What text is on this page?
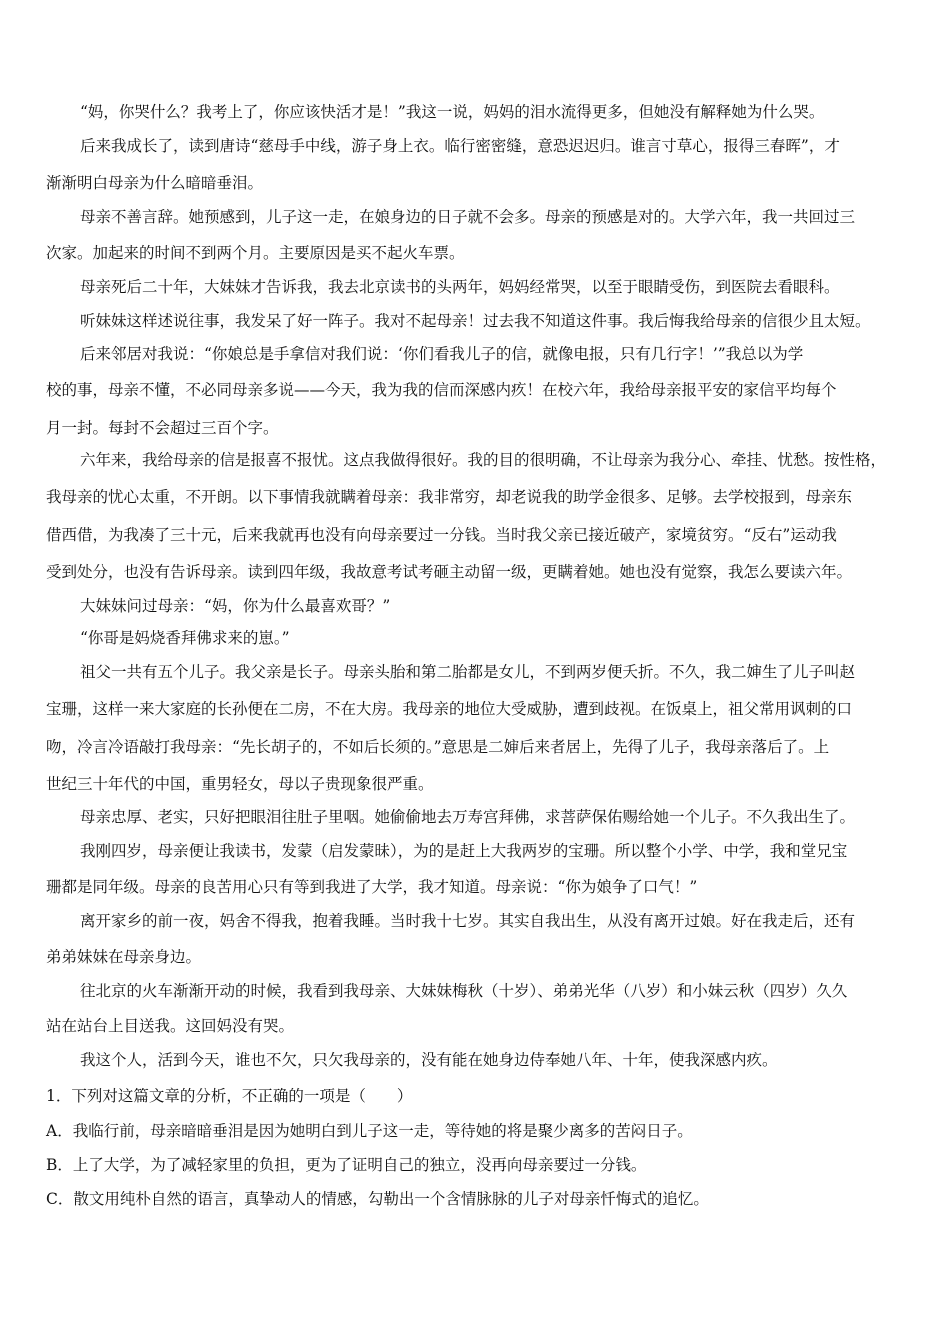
“妈，你哭什么？我考上了，你应该快活才是！”我这一说，妈妈的泪水流得更多，但她没有解释她为什么哭。
后来我成长了，读到唐诗“慈母手中线，游子身上衣。临行密密缝，意恐迟迟归。谁言寸草心，报得三春晖”，才
渐渐明白母亲为什么暗暗垂泪。
母亲不善言辞。她预感到，儿子这一走，在娘身边的日子就不会多。母亲的预感是对的。大学六年，我一共回过三
次家。加起来的时间不到两个月。主要原因是买不起火车票。
母亲死后二十年，大妹妹才告诉我，我去北京读书的头两年，妈妈经常哭，以至于眼睛受伤，到医院去看眼科。
听妹妹这样述说往事，我发呆了好一阵子。我对不起母亲！过去我不知道这件事。我后悔我给母亲的信很少且太短。
后来邻居对我说：“你娘总是手拿信对我们说：‘你们看我儿子的信，就像电报，只有几行字！’”我总以为学
校的事，母亲不懂，不必同母亲多说——今天，我为我的信而深感内疚！在校六年，我给母亲报平安的家信平均每个
月一封。每封不会超过三百个字。
六年来，我给母亲的信是报喜不报忧。这点我做得很好。我的目的很明确，不让母亲为我分心、牵挂、忧愁。按性格，
我母亲的忧心太重，不开朗。以下事情我就瞒着母亲：我非常穷，却老说我的助学金很多、足够。去学校报到，母亲东
借西借，为我凑了三十元，后来我就再也没有向母亲要过一分钱。当时我父亲已接近破产，家境贫穷。“反右”运动我
受到处分，也没有告诉母亲。读到四年级，我故意考试考砸主动留一级，更瞒着她。她也没有觉察，我怎么要读六年。
大妹妹问过母亲：“妈，你为什么最喜欢哥？”
“你哥是妈烧香拜佛求来的崽。”
祖父一共有五个儿子。我父亲是长子。母亲头胎和第二胎都是女儿，不到两岁便夭折。不久，我二婶生了儿子叫赵
宝珊，这样一来大家庭的长孙便在二房，不在大房。我母亲的地位大受威胁，遭到歧视。在饭桌上，祖父常用讽刺的口
吻，冷言冷语敲打我母亲：“先长胡子的，不如后长须的。”意思是二婶后来者居上，先得了儿子，我母亲落后了。上
世纪三十年代的中国，重男轻女，母以子贵现象很严重。
母亲忠厚、老实，只好把眼泪往肚子里咽。她偷偷地去万寿宫拜佛，求菩萨保佑赐给她一个儿子。不久我出生了。
我刚四岁，母亲便让我读书，发蒙（启发蒙昧），为的是赶上大我两岁的宝珊。所以整个小学、中学，我和堂兄宝
珊都是同年级。母亲的良苦用心只有等到我进了大学，我才知道。母亲说：“你为娘争了口气！”
离开家乡的前一夜，妈舍不得我，抱着我睡。当时我十七岁。其实自我出生，从没有离开过娘。好在我走后，还有
弟弟妹妹在母亲身边。
往北京的火车渐渐开动的时候，我看到我母亲、大妹妹梅秋（十岁）、弟弟光华（八岁）和小妹云秋（四岁）久久
站在站台上目送我。这回妈没有哭。
我这个人，活到今天，谁也不欠，只欠我母亲的，没有能在她身边侍奉她八年、十年，使我深感内疚。
1．下列对这篇文章的分析，不正确的一项是（　　）
A．我临行前，母亲暗暗垂泪是因为她明白到儿子这一走，等待她的将是聚少离多的苦闷日子。
B．上了大学，为了减轻家里的负担，更为了证明自己的独立，没再向母亲要过一分钱。
C．散文用纯朴自然的语言，真挚动人的情感，勾勒出一个含情脉脉的儿子对母亲忏悔式的追忆。
